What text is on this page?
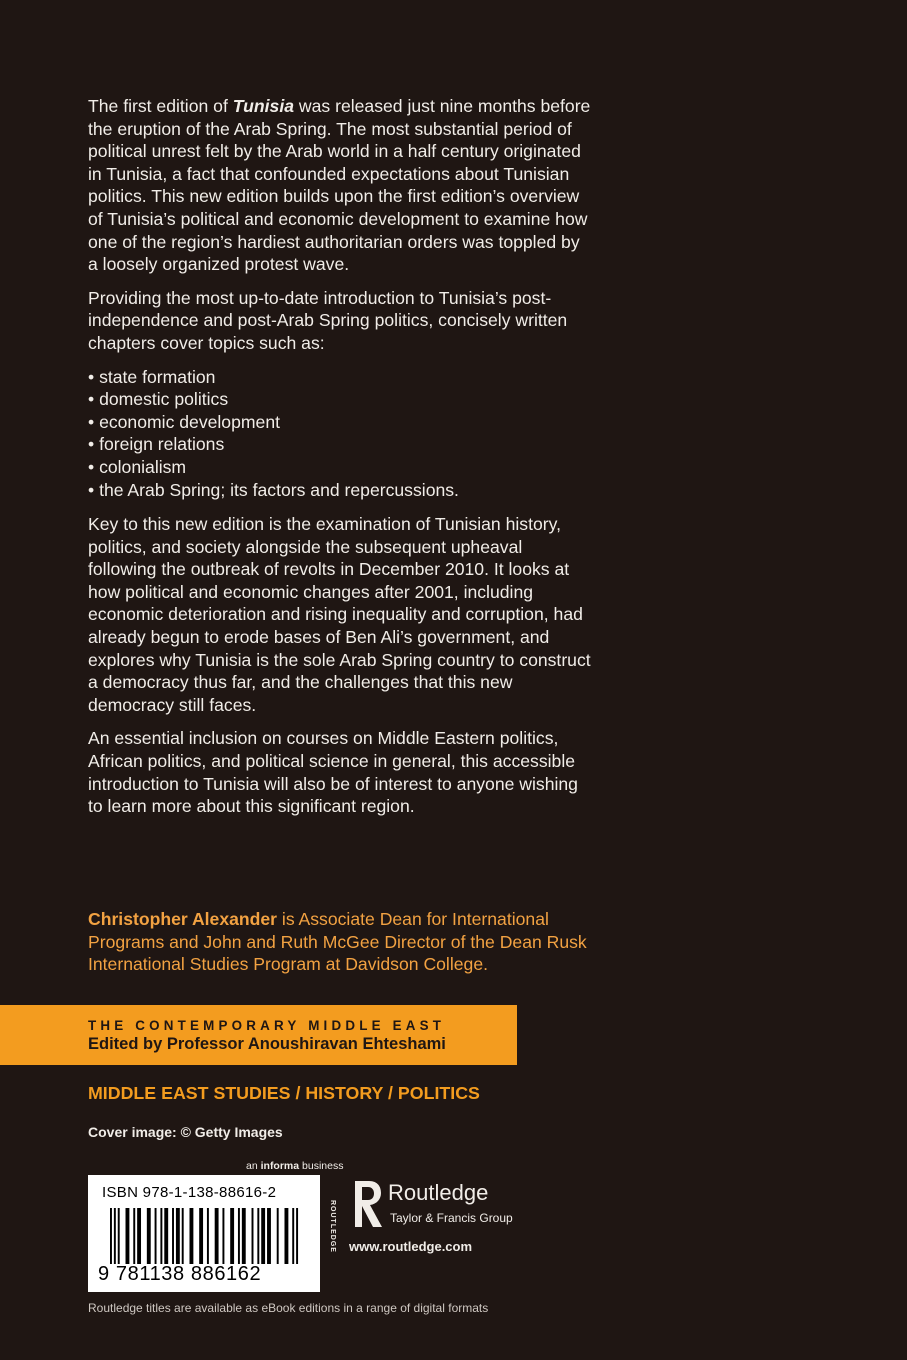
The first edition of Tunisia was released just nine months before the eruption of the Arab Spring. The most substantial period of political unrest felt by the Arab world in a half century originated in Tunisia, a fact that confounded expectations about Tunisian politics. This new edition builds upon the first edition’s overview of Tunisia’s political and economic development to examine how one of the region’s hardiest authoritarian orders was toppled by a loosely organized protest wave.

Providing the most up-to-date introduction to Tunisia’s post-independence and post-Arab Spring politics, concisely written chapters cover topics such as:

• state formation
• domestic politics
• economic development
• foreign relations
• colonialism
• the Arab Spring; its factors and repercussions.

Key to this new edition is the examination of Tunisian history, politics, and society alongside the subsequent upheaval following the outbreak of revolts in December 2010. It looks at how political and economic changes after 2001, including economic deterioration and rising inequality and corruption, had already begun to erode bases of Ben Ali’s government, and explores why Tunisia is the sole Arab Spring country to construct a democracy thus far, and the challenges that this new democracy still faces.

An essential inclusion on courses on Middle Eastern politics, African politics, and political science in general, this accessible introduction to Tunisia will also be of interest to anyone wishing to learn more about this significant region.

Christopher Alexander is Associate Dean for International Programs and John and Ruth McGee Director of the Dean Rusk International Studies Program at Davidson College.
THE CONTEMPORARY MIDDLE EAST
Edited by Professor Anoushiravan Ehteshami
MIDDLE EAST STUDIES / HISTORY / POLITICS
Cover image: © Getty Images
an informa business
ISBN 978-1-138-88616-2
9 781138 886162
ROUTLEDGE
Routledge
Taylor & Francis Group
www.routledge.com
Routledge titles are available as eBook editions in a range of digital formats
